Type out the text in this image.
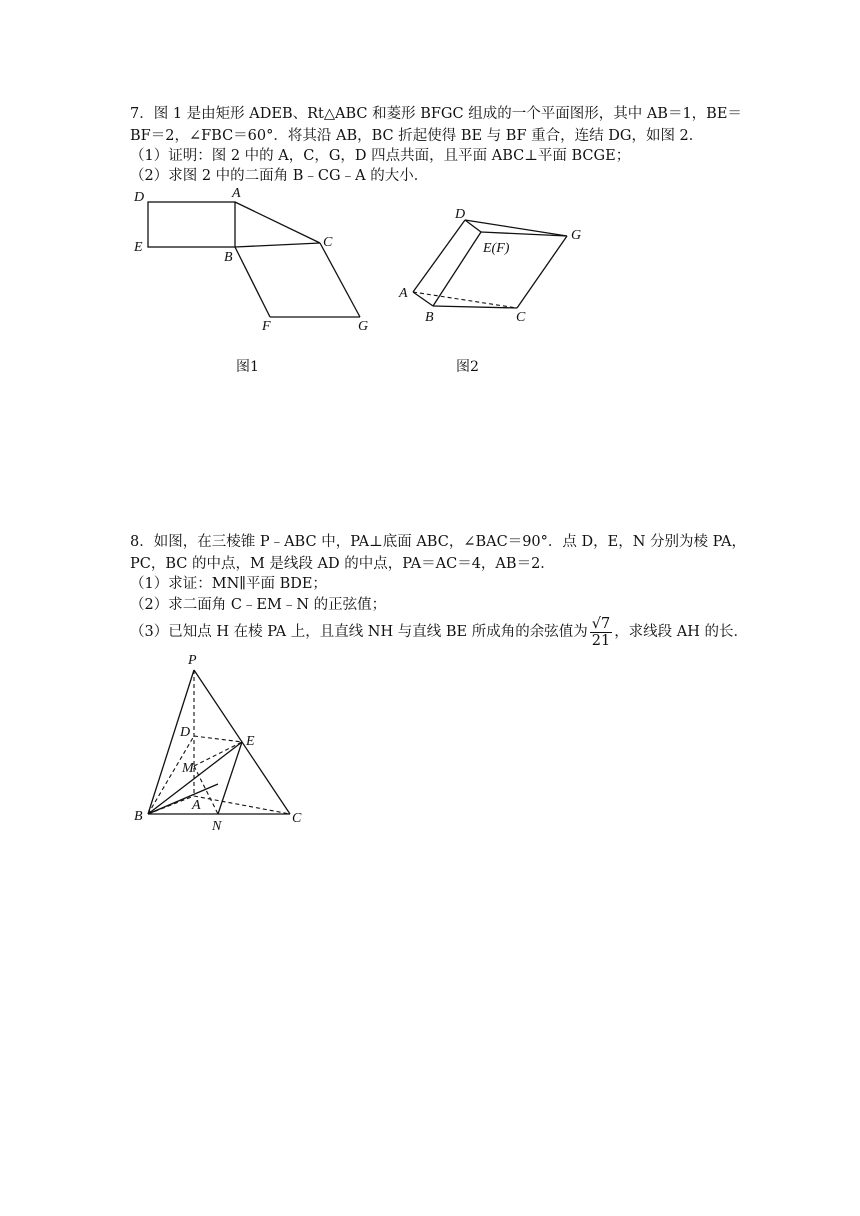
7．图 1 是由矩形 ADEB、Rt△ABC 和菱形 BFGC 组成的一个平面图形，其中 AB＝1，BE＝
BF＝2，∠FBC＝60°．将其沿 AB，BC 折起使得 BE 与 BF 重合，连结 DG，如图 2．
（1）证明：图 2 中的 A，C，G，D 四点共面，且平面 ABC⊥平面 BCGE；
（2）求图 2 中的二面角 B﹣CG﹣A 的大小．
D	A
E
B
C
F	G
图1
D
E(F)
G
A
B	C
图2
8．如图，在三棱锥 P﹣ABC 中，PA⊥底面 ABC，∠BAC＝90°．点 D，E，N 分别为棱 PA，
PC，BC 的中点，M 是线段 AD 的中点，PA＝AC＝4，AB＝2．
（1）求证：MN∥平面 BDE；
（2）求二面角 C﹣EM﹣N 的正弦值；
（3）已知点 H 在棱 PA 上，且直线 NH 与直线 BE 所成角的余弦值为 $\frac{√7}{21}$ ，求线段 AH 的长．
P
D
E
M
A
B
N
C
